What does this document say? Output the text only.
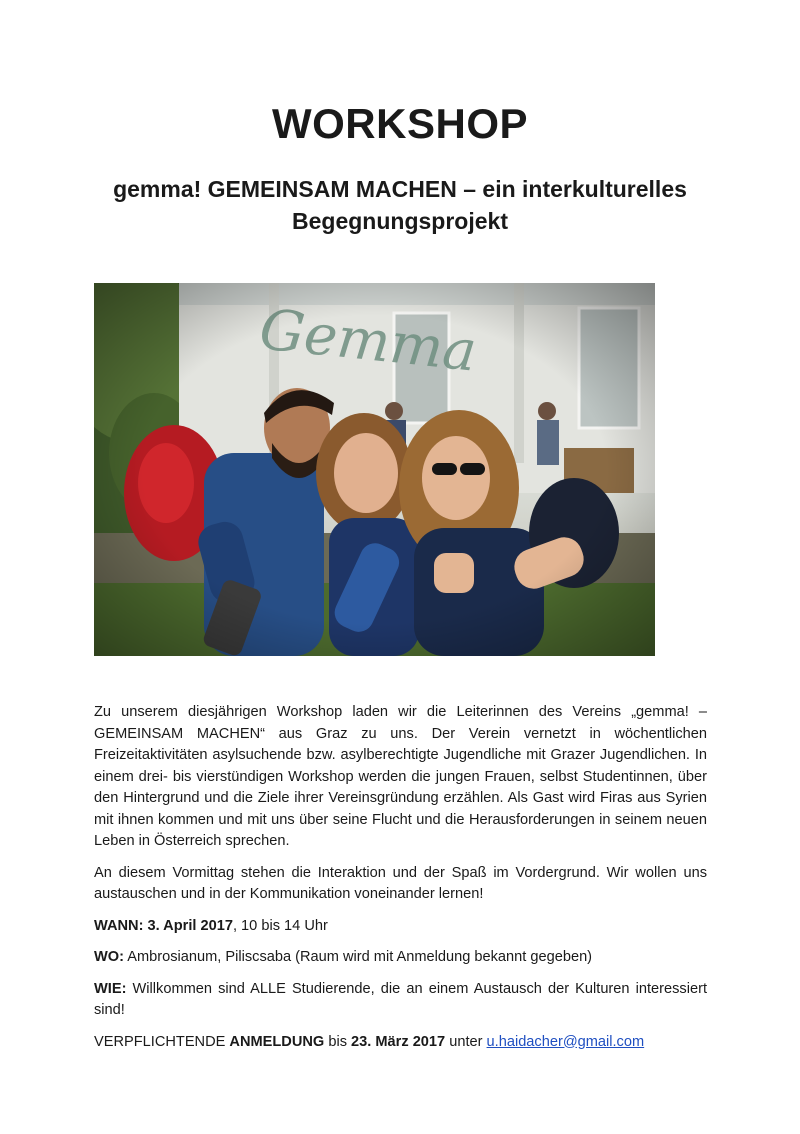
WORKSHOP
gemma! GEMEINSAM MACHEN – ein interkulturelles Begegnungsprojekt

Zu unserem diesjährigen Workshop laden wir die Leiterinnen des Vereins „gemma! – GEMEINSAM MACHEN“ aus Graz zu uns. Der Verein vernetzt in wöchentlichen Freizeitaktivitäten asylsuchende bzw. asylberechtigte Jugendliche mit Grazer Jugendlichen. In einem drei- bis vierstündigen Workshop werden die jungen Frauen, selbst Studentinnen, über den Hintergrund und die Ziele ihrer Vereinsgründung erzählen. Als Gast wird Firas aus Syrien mit ihnen kommen und mit uns über seine Flucht und die Herausforderungen in seinem neuen Leben in Österreich sprechen.

An diesem Vormittag stehen die Interaktion und der Spaß im Vordergrund. Wir wollen uns austauschen und in der Kommunikation voneinander lernen!

WANN: 3. April 2017, 10 bis 14 Uhr

WO: Ambrosianum, Piliscsaba (Raum wird mit Anmeldung bekannt gegeben)

WIE: Willkommen sind ALLE Studierende, die an einem Austausch der Kulturen interessiert sind!

VERPFLICHTENDE ANMELDUNG bis 23. März 2017 unter u.haidacher@gmail.com
